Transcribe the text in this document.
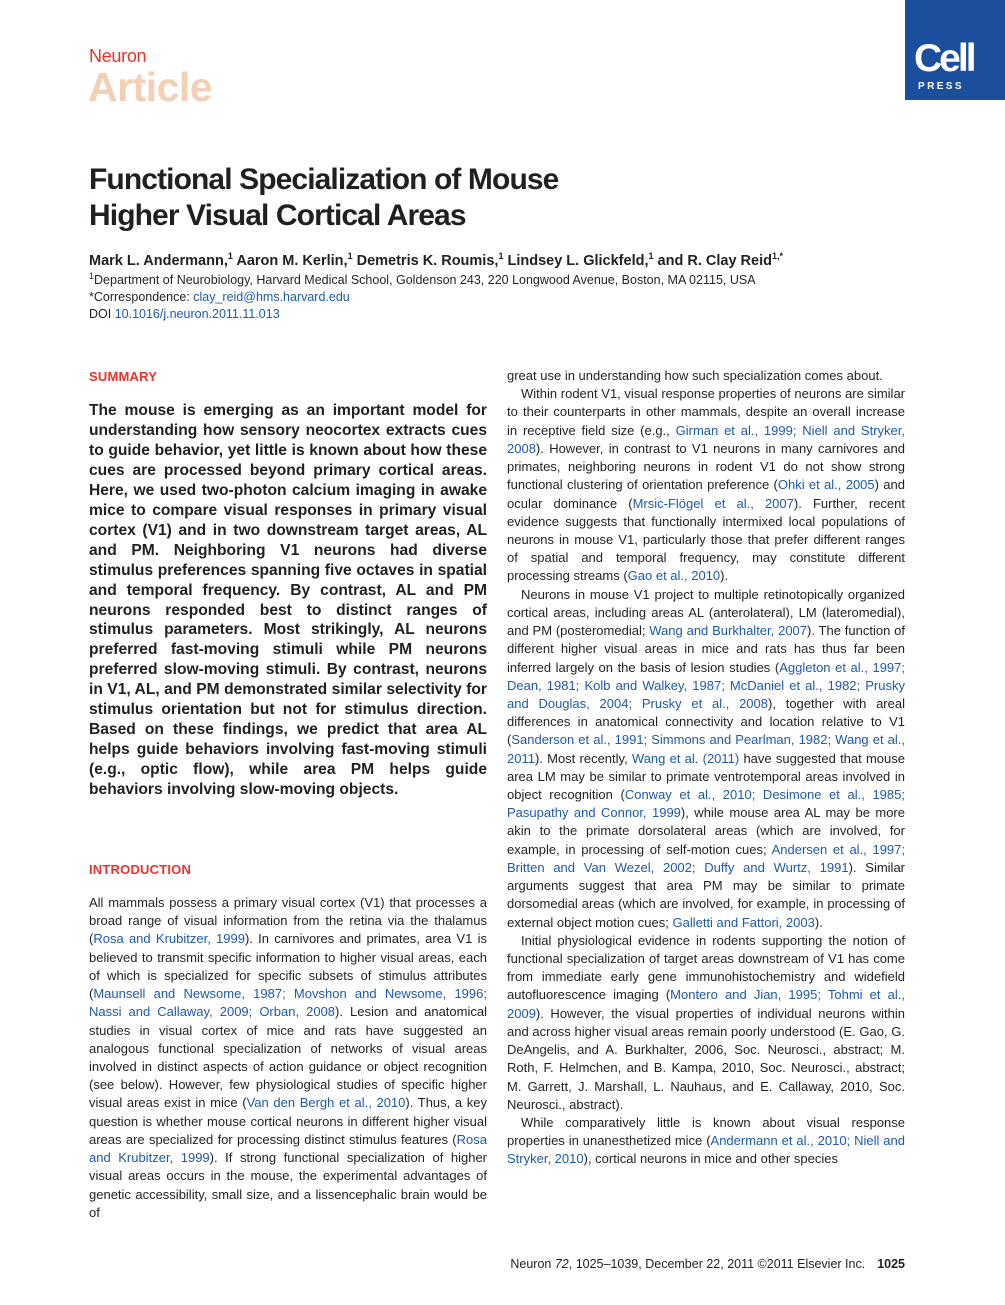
Neuron
Article
Cell
PRESS
Functional Specialization of Mouse
Higher Visual Cortical Areas
Mark L. Andermann,$^1$ Aaron M. Kerlin,$^1$ Demetris K. Roumis,$^1$ Lindsey L. Glickfeld,$^1$ and R. Clay Reid$^{1,*}$
$^1$Department of Neurobiology, Harvard Medical School, Goldenson 243, 220 Longwood Avenue, Boston, MA 02115, USA
*Correspondence: clay_reid@hms.harvard.edu
DOI 10.1016/j.neuron.2011.11.013
SUMMARY
The mouse is emerging as an important model for understanding how sensory neocortex extracts cues to guide behavior, yet little is known about how these cues are processed beyond primary cortical areas. Here, we used two-photon calcium imaging in awake mice to compare visual responses in primary visual cortex (V1) and in two downstream target areas, AL and PM. Neighboring V1 neurons had diverse stimulus preferences spanning five octaves in spatial and temporal frequency. By contrast, AL and PM neurons responded best to distinct ranges of stimulus parameters. Most strikingly, AL neurons preferred fast-moving stimuli while PM neurons preferred slow-moving stimuli. By contrast, neurons in V1, AL, and PM demonstrated similar selectivity for stimulus orientation but not for stimulus direction. Based on these findings, we predict that area AL helps guide behaviors involving fast-moving stimuli (e.g., optic flow), while area PM helps guide behaviors involving slow-moving objects.
INTRODUCTION

All mammals possess a primary visual cortex (V1) that processes a broad range of visual information from the retina via the thalamus (Rosa and Krubitzer, 1999). In carnivores and primates, area V1 is believed to transmit specific information to higher visual areas, each of which is specialized for specific subsets of stimulus attributes (Maunsell and Newsome, 1987; Movshon and Newsome, 1996; Nassi and Callaway, 2009; Orban, 2008). Lesion and anatomical studies in visual cortex of mice and rats have suggested an analogous functional specialization of networks of visual areas involved in distinct aspects of action guidance or object recognition (see below). However, few physiological studies of specific higher visual areas exist in mice (Van den Bergh et al., 2010). Thus, a key question is whether mouse cortical neurons in different higher visual areas are specialized for processing distinct stimulus features (Rosa and Krubitzer, 1999). If strong functional specialization of higher visual areas occurs in the mouse, the experimental advantages of genetic accessibility, small size, and a lissencephalic brain would be of

great use in understanding how such specialization comes about.

Within rodent V1, visual response properties of neurons are similar to their counterparts in other mammals, despite an overall increase in receptive field size (e.g., Girman et al., 1999; Niell and Stryker, 2008). However, in contrast to V1 neurons in many carnivores and primates, neighboring neurons in rodent V1 do not show strong functional clustering of orientation preference (Ohki et al., 2005) and ocular dominance (Mrsic-Flögel et al., 2007). Further, recent evidence suggests that functionally intermixed local populations of neurons in mouse V1, particularly those that prefer different ranges of spatial and temporal frequency, may constitute different processing streams (Gao et al., 2010).

Neurons in mouse V1 project to multiple retinotopically organized cortical areas, including areas AL (anterolateral), LM (lateromedial), and PM (posteromedial; Wang and Burkhalter, 2007). The function of different higher visual areas in mice and rats has thus far been inferred largely on the basis of lesion studies (Aggleton et al., 1997; Dean, 1981; Kolb and Walkey, 1987; McDaniel et al., 1982; Prusky and Douglas, 2004; Prusky et al., 2008), together with areal differences in anatomical connectivity and location relative to V1 (Sanderson et al., 1991; Simmons and Pearlman, 1982; Wang et al., 2011). Most recently, Wang et al. (2011) have suggested that mouse area LM may be similar to primate ventrotemporal areas involved in object recognition (Conway et al., 2010; Desimone et al., 1985; Pasupathy and Connor, 1999), while mouse area AL may be more akin to the primate dorsolateral areas (which are involved, for example, in processing of self-motion cues; Andersen et al., 1997; Britten and Van Wezel, 2002; Duffy and Wurtz, 1991). Similar arguments suggest that area PM may be similar to primate dorsomedial areas (which are involved, for example, in processing of external object motion cues; Galletti and Fattori, 2003).

Initial physiological evidence in rodents supporting the notion of functional specialization of target areas downstream of V1 has come from immediate early gene immunohistochemistry and widefield autofluorescence imaging (Montero and Jian, 1995; Tohmi et al., 2009). However, the visual properties of individual neurons within and across higher visual areas remain poorly understood (E. Gao, G. DeAngelis, and A. Burkhalter, 2006, Soc. Neurosci., abstract; M. Roth, F. Helmchen, and B. Kampa, 2010, Soc. Neurosci., abstract; M. Garrett, J. Marshall, L. Nauhaus, and E. Callaway, 2010, Soc. Neurosci., abstract).

While comparatively little is known about visual response properties in unanesthetized mice (Andermann et al., 2010; Niell and Stryker, 2010), cortical neurons in mice and other species

Neuron 72, 1025–1039, December 22, 2011 ©2011 Elsevier Inc. 1025
